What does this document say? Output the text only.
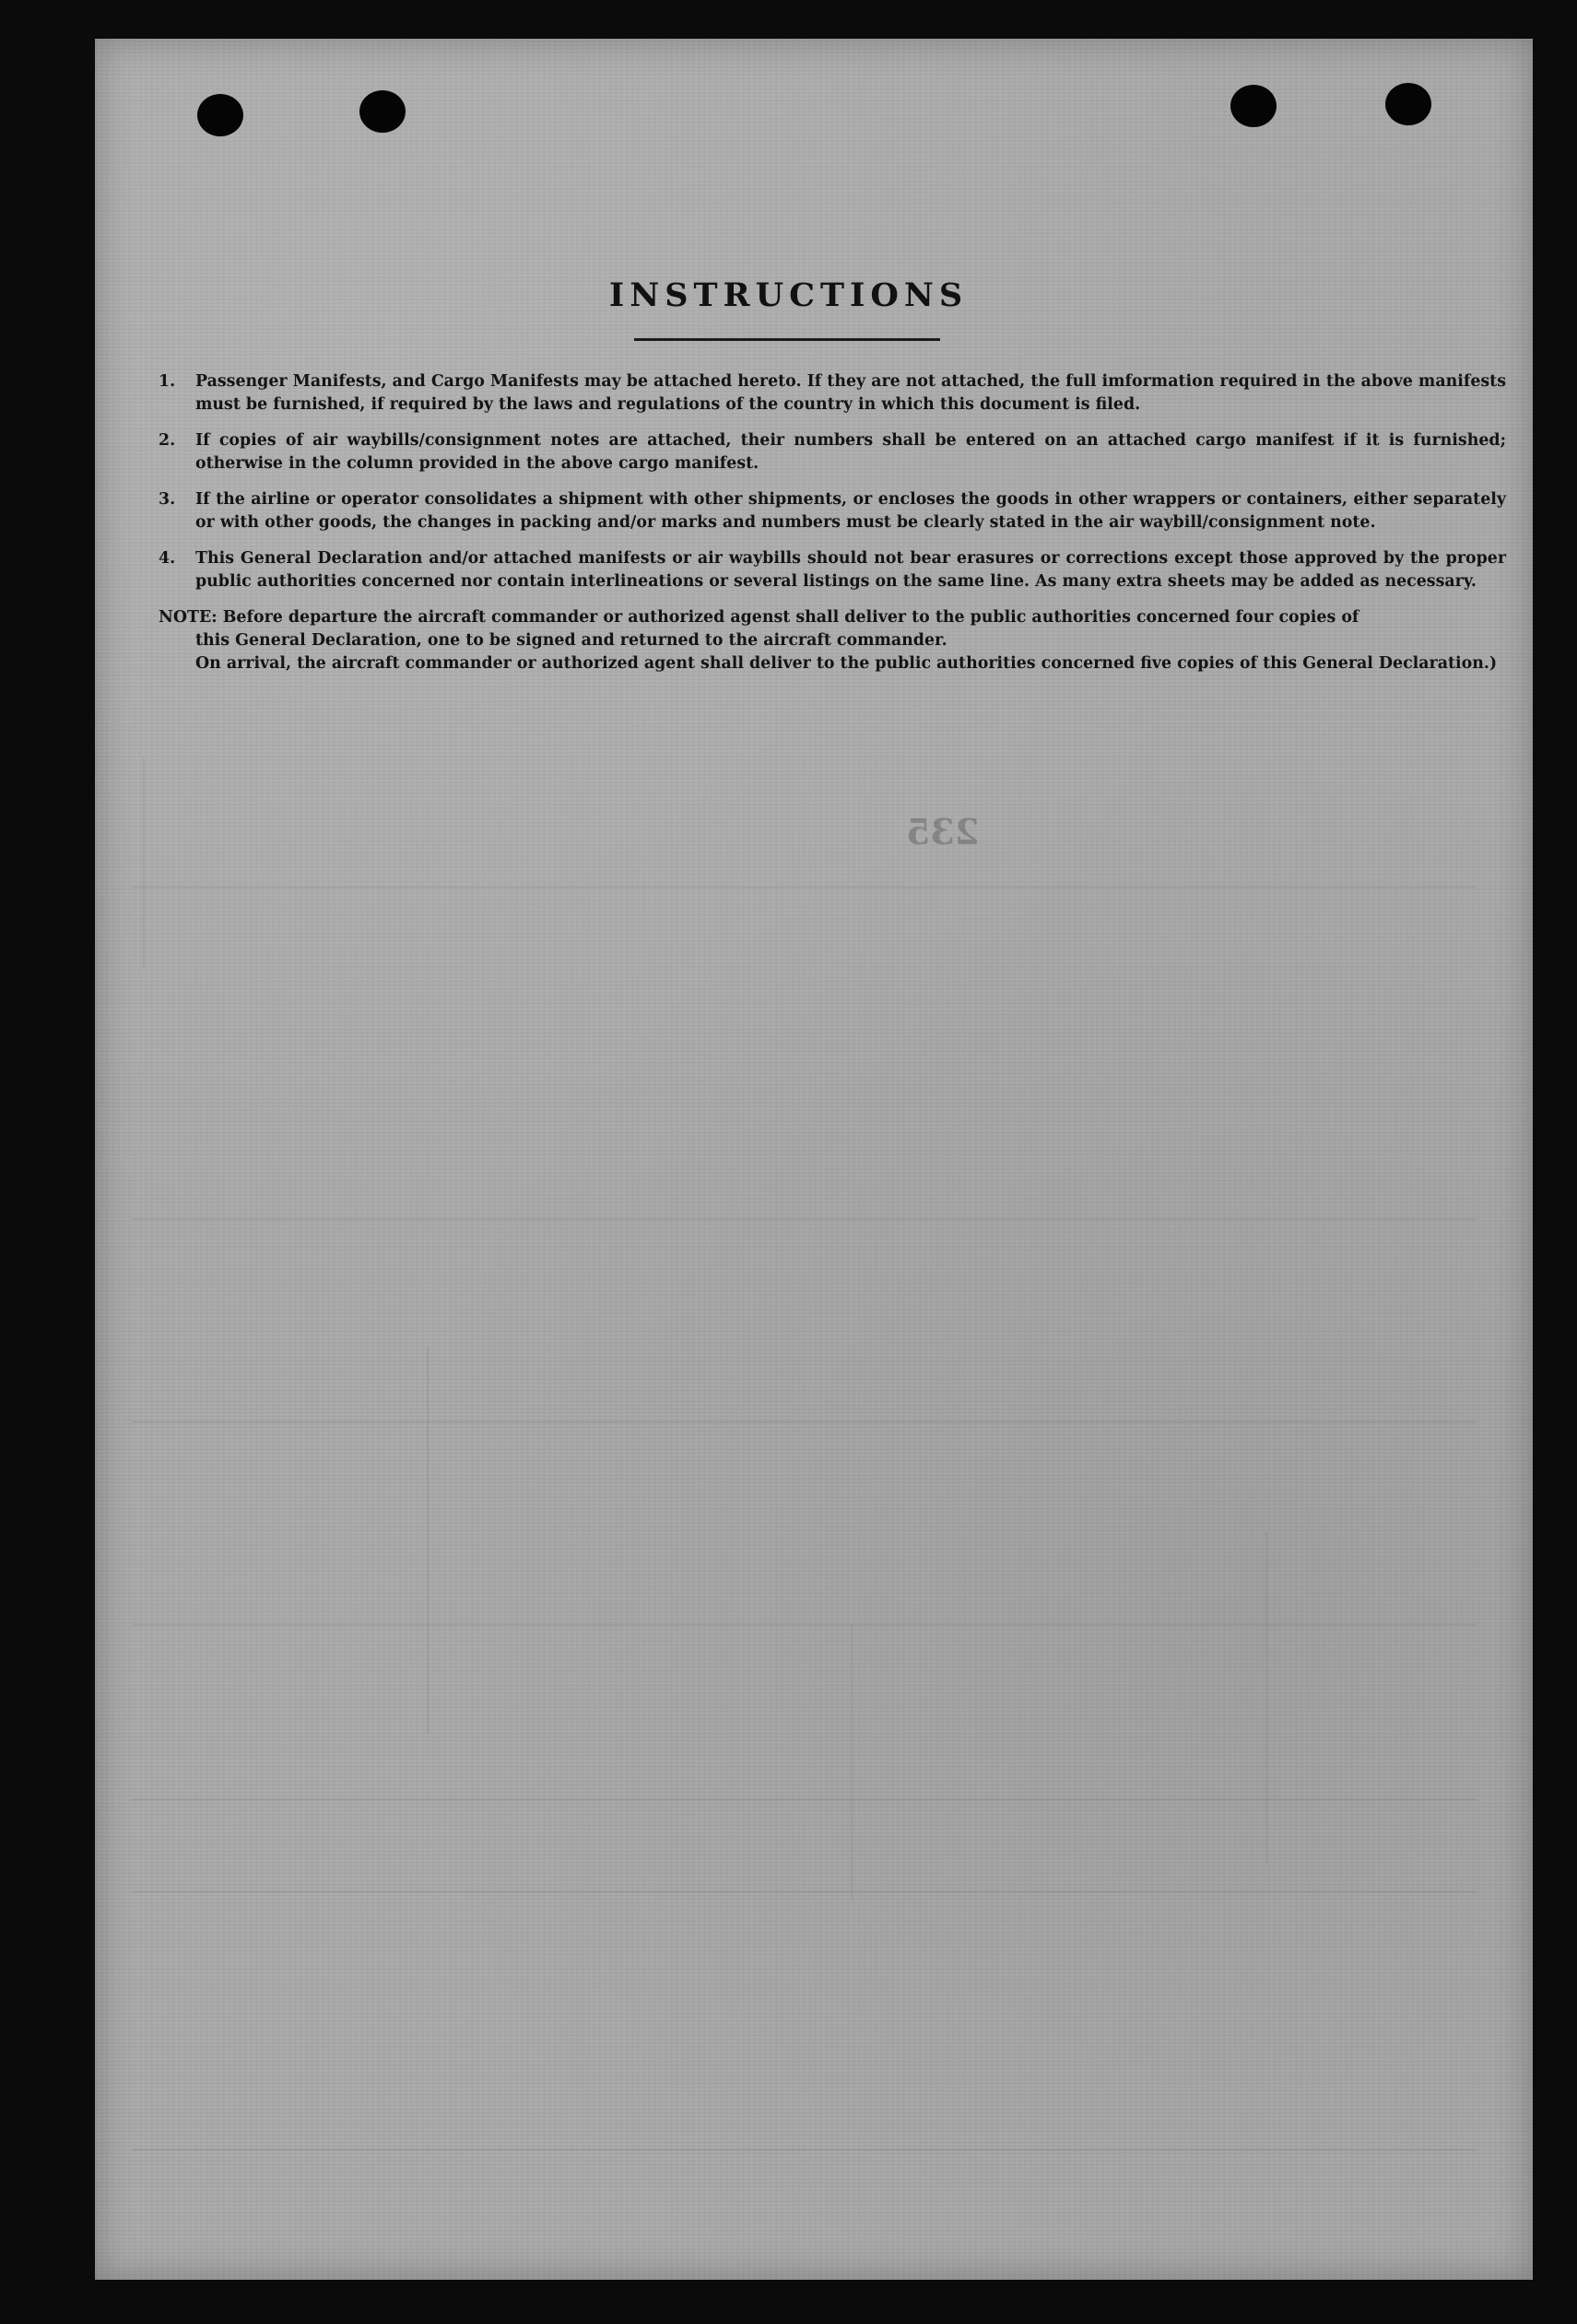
235
INSTRUCTIONS
1.	Passenger Manifests, and Cargo Manifests may be attached hereto. If they are not attached, the full imformation required in the above manifests must be furnished, if required by the laws and regulations of the country in which this document is filed.
2.	If copies of air waybills/consignment notes are attached, their numbers shall be entered on an attached cargo manifest if it is furnished; otherwise in the column provided in the above cargo manifest.
3.	If the airline or operator consolidates a shipment with other shipments, or encloses the goods in other wrappers or containers, either separately or with other goods, the changes in packing and/or marks and numbers must be clearly stated in the air waybill/consignment note.
4.	This General Declaration and/or attached manifests or air waybills should not bear erasures or corrections except those approved by the proper public authorities concerned nor contain interlineations or several listings on the same line. As many extra sheets may be added as necessary.
NOTE: Before departure the aircraft commander or authorized agenst shall deliver to the public authorities concerned four copies of
this General Declaration, one to be signed and returned to the aircraft commander.
On arrival, the aircraft commander or authorized agent shall deliver to the public authorities concerned five copies of this General Declaration.)
